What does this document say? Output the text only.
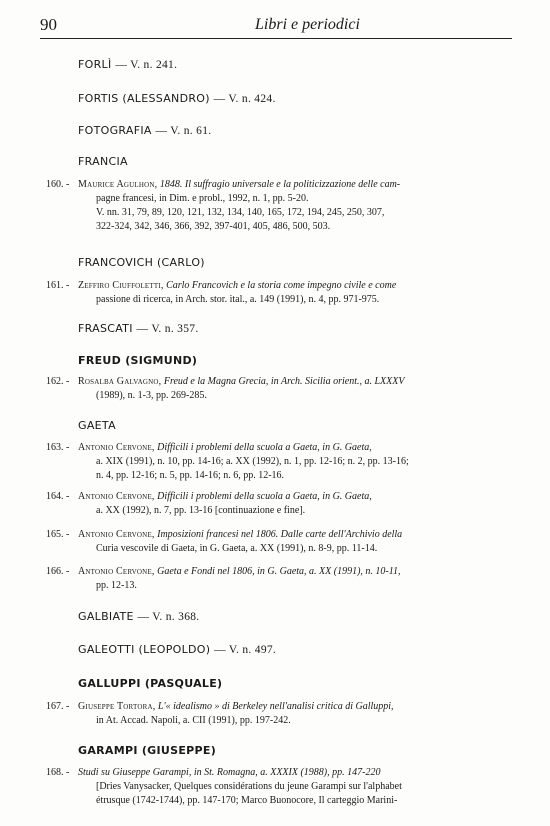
90	Libri e periodici
FORLÌ — V. n. 241.
FORTIS (ALESSANDRO) — V. n. 424.
FOTOGRAFIA — V. n. 61.
FRANCIA
160. - Maurice Agulhon, 1848. Il suffragio universale e la politicizzazione delle cam-
pagne francesi, in Dim. e probl., 1992, n. 1, pp. 5-20.
V. nn. 31, 79, 89, 120, 121, 132, 134, 140, 165, 172, 194, 245, 250, 307,
322-324, 342, 346, 366, 392, 397-401, 405, 486, 500, 503.
FRANCOVICH (CARLO)
161. - Zeffiro Ciuffoletti, Carlo Francovich e la storia come impegno civile e come
passione di ricerca, in Arch. stor. ital., a. 149 (1991), n. 4, pp. 971-975.
FRASCATI — V. n. 357.
FREUD (SIGMUND)
162. - Rosalba Galvagno, Freud e la Magna Grecia, in Arch. Sicilia orient., a. LXXXV
(1989), n. 1-3, pp. 269-285.
GAETA
163. - Antonio Cervone, Difficili i problemi della scuola a Gaeta, in G. Gaeta,
a. XIX (1991), n. 10, pp. 14-16; a. XX (1992), n. 1, pp. 12-16; n. 2, pp. 13-16;
n. 4, pp. 12-16; n. 5, pp. 14-16; n. 6, pp. 12-16.
164. - Antonio Cervone, Difficili i problemi della scuola a Gaeta, in G. Gaeta,
a. XX (1992), n. 7, pp. 13-16 [continuazione e fine].
165. - Antonio Cervone, Imposizioni francesi nel 1806. Dalle carte dell'Archivio della
Curia vescovile di Gaeta, in G. Gaeta, a. XX (1991), n. 8-9, pp. 11-14.
166. - Antonio Cervone, Gaeta e Fondi nel 1806, in G. Gaeta, a. XX (1991), n. 10-11,
pp. 12-13.
GALBIATE — V. n. 368.
GALEOTTI (LEOPOLDO) — V. n. 497.
GALLUPPI (PASQUALE)
167. - Giuseppe Tortora, L'« idealismo » di Berkeley nell'analisi critica di Galluppi,
in At. Accad. Napoli, a. CII (1991), pp. 197-242.
GARAMPI (GIUSEPPE)
168. - Studi su Giuseppe Garampi, in St. Romagna, a. XXXIX (1988), pp. 147-220
[Dries Vanysacker, Quelques considérations du jeune Garampi sur l'alphabet
étrusque (1742-1744), pp. 147-170; Marco Buonocore, Il carteggio Marini-
